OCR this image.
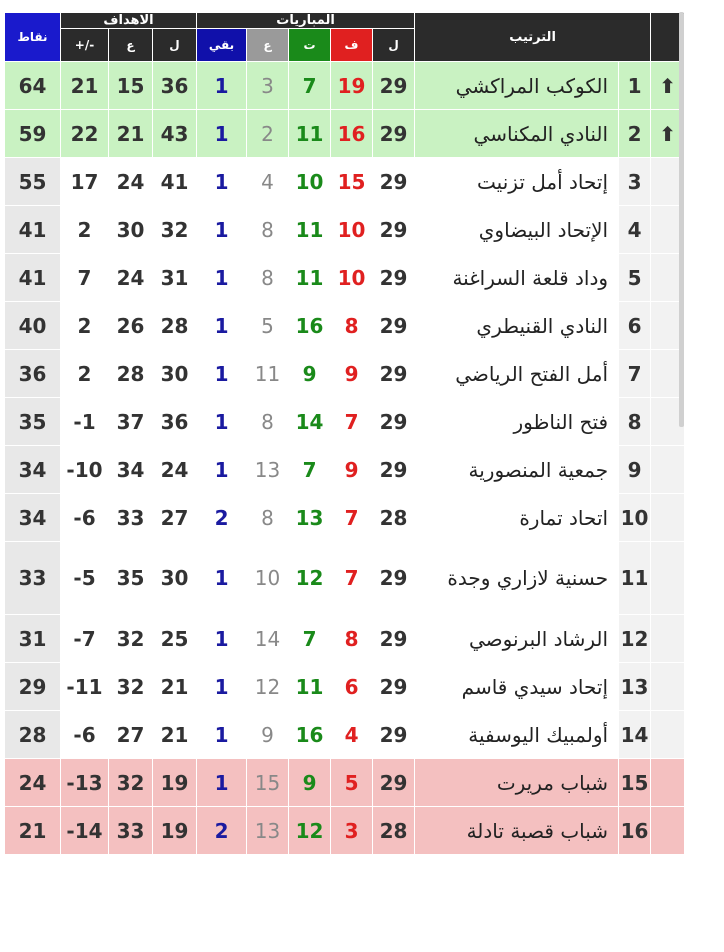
نقاط	الاهداف			المباريات					الترتيب		
	+/-	ع	ل	بقي	ع	ت	ف	ل			
64	21	15	36	1	3	7	19	29	الكوكب المراكشي	1	⬆
59	22	21	43	1	2	11	16	29	النادي المكناسي	2	⬆
55	17	24	41	1	4	10	15	29	إتحاد أمل تزنيت	3	
41	2	30	32	1	8	11	10	29	الإتحاد البيضاوي	4	
41	7	24	31	1	8	11	10	29	وداد قلعة السراغنة	5	
40	2	26	28	1	5	16	8	29	النادي القنيطري	6	
36	2	28	30	1	11	9	9	29	أمل الفتح الرياضي	7	
35	-1	37	36	1	8	14	7	29	فتح الناظور	8	
34	-10	34	24	1	13	7	9	29	جمعية المنصورية	9	
34	-6	33	27	2	8	13	7	28	اتحاد تمارة	10	
33	-5	35	30	1	10	12	7	29	حسنية لازاري وجدة	11	
31	-7	32	25	1	14	7	8	29	الرشاد البرنوصي	12	
29	-11	32	21	1	12	11	6	29	إتحاد سيدي قاسم	13	
28	-6	27	21	1	9	16	4	29	أولمبيك اليوسفية	14	
24	-13	32	19	1	15	9	5	29	شباب مريرت	15	
21	-14	33	19	2	13	12	3	28	شباب قصبة تادلة	16	
